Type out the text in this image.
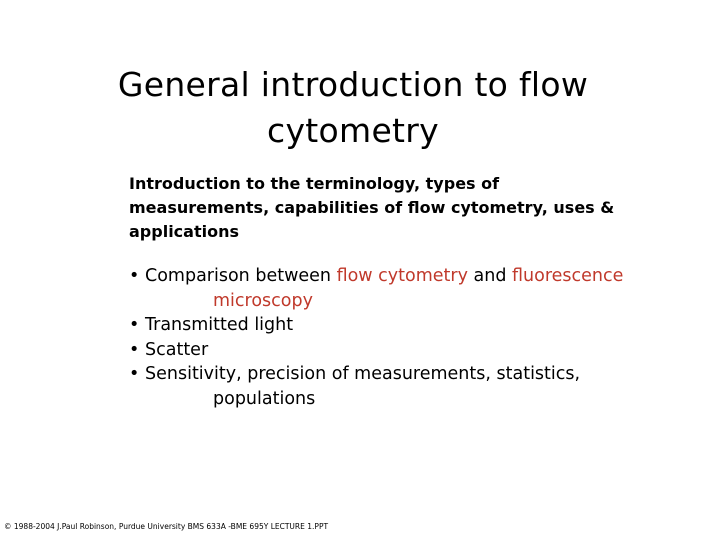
General introduction to flow
cytometry
Introduction to the terminology, types of
measurements, capabilities of flow cytometry, uses &
applications
• Comparison between flow cytometry and fluorescence
microscopy
• Transmitted light
• Scatter
• Sensitivity, precision of measurements, statistics,
populations
© 1988-2004 J.Paul Robinson, Purdue University BMS 633A -BME 695Y LECTURE 1.PPT
